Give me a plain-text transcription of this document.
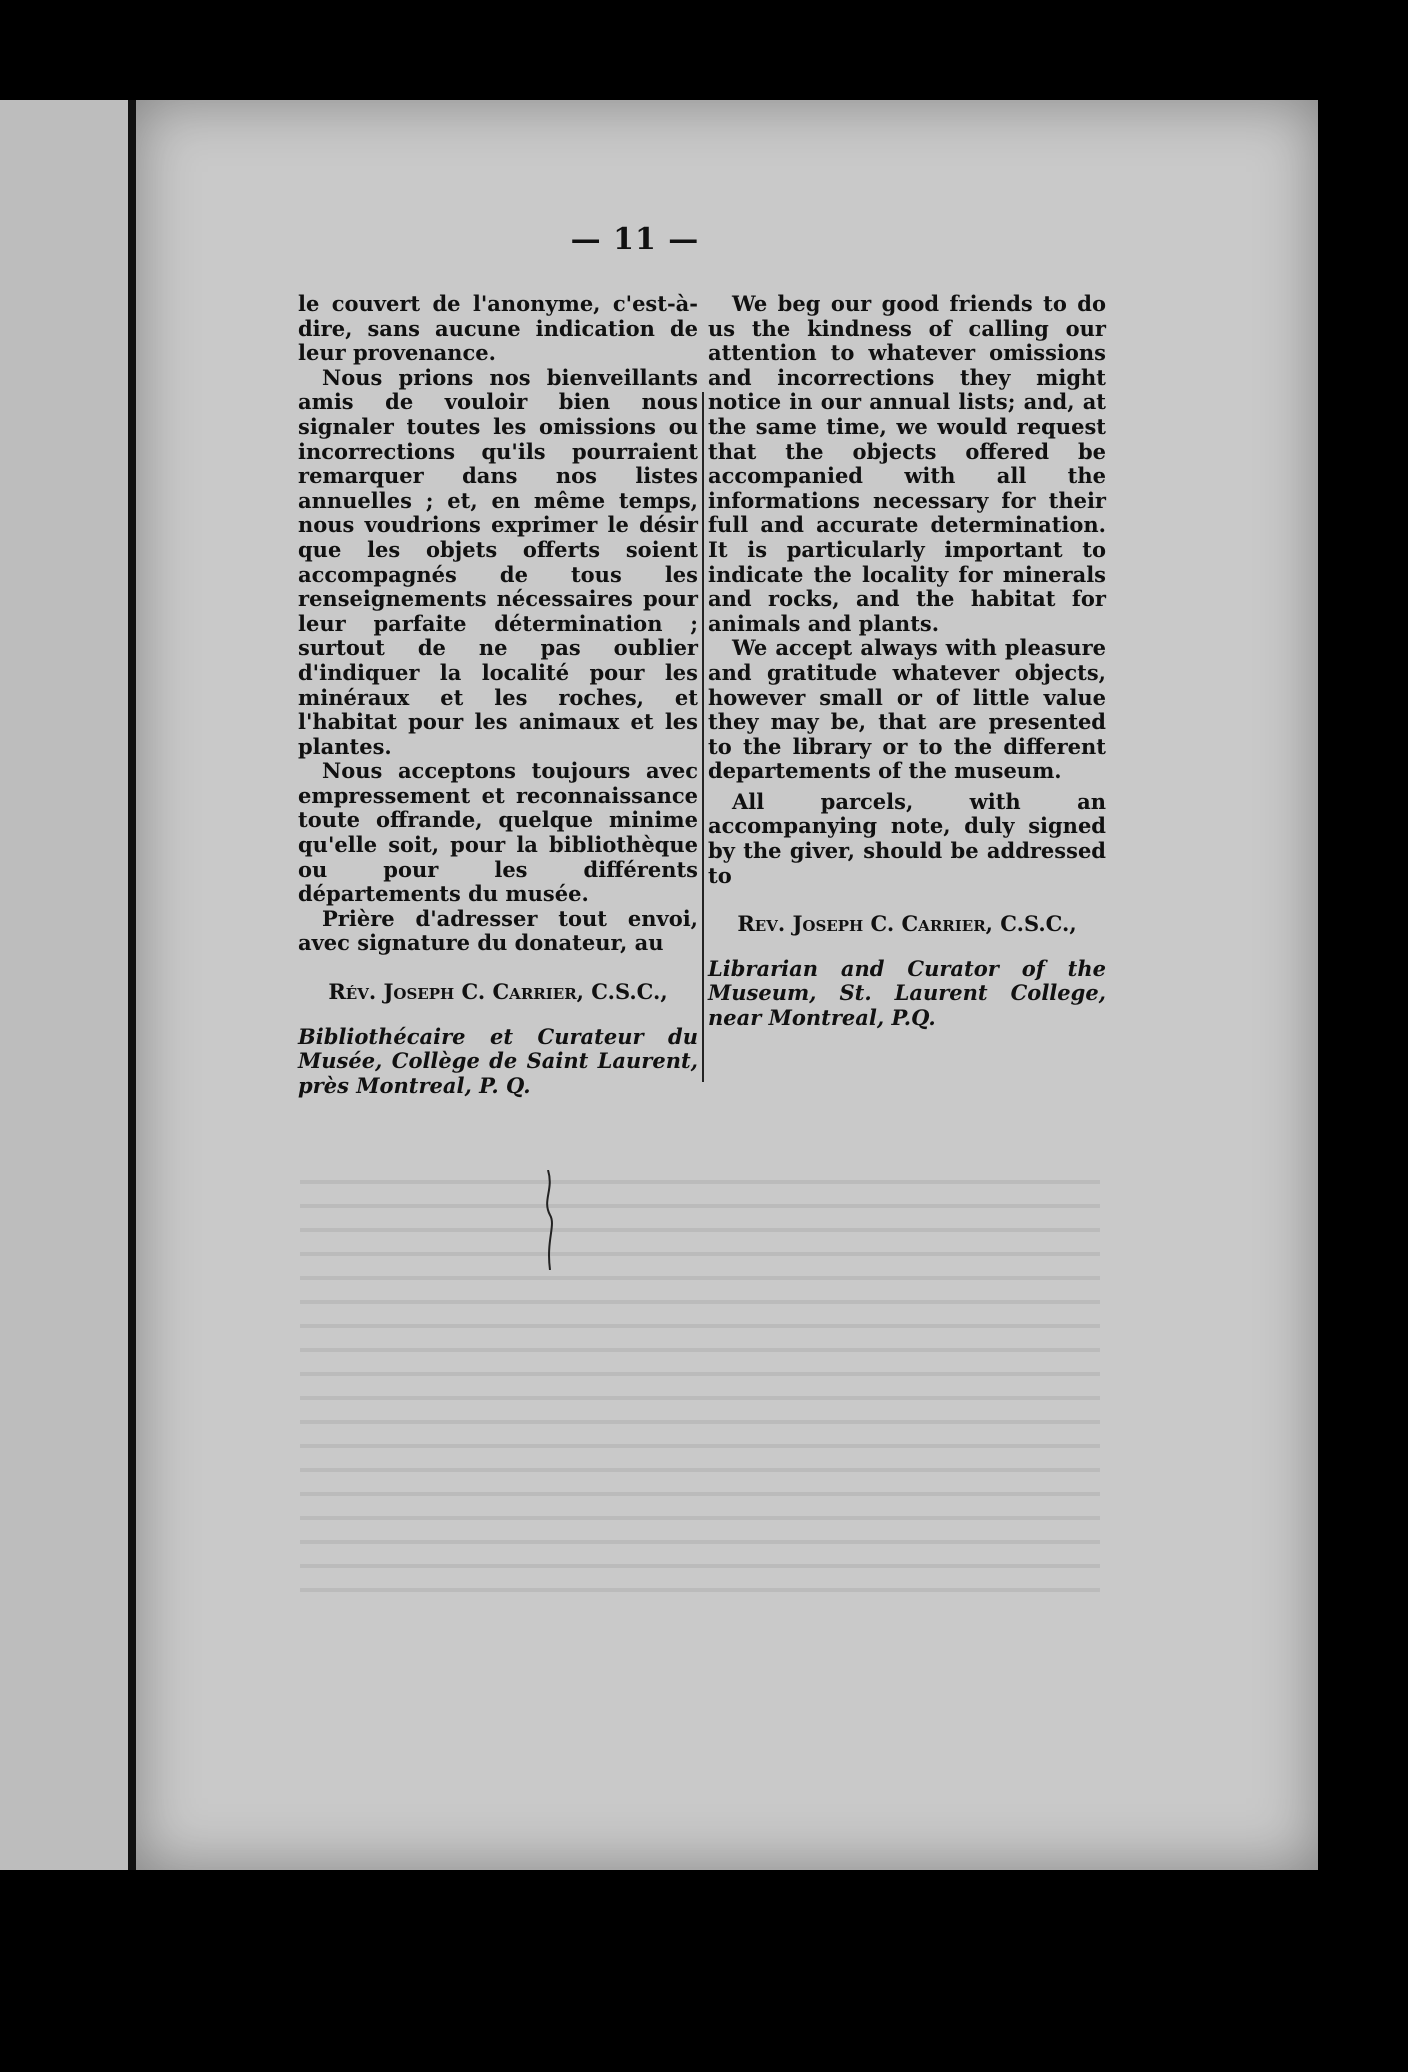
— 11 —

le couvert de l'anonyme, c'est-à-dire, sans aucune indication de leur provenance.

Nous prions nos bienveillants amis de vouloir bien nous signaler toutes les omissions ou incorrections qu'ils pourraient remarquer dans nos listes annuelles ; et, en même temps, nous voudrions exprimer le désir que les objets offerts soient accompagnés de tous les renseignements nécessaires pour leur parfaite détermination ; surtout de ne pas oublier d'indiquer la localité pour les minéraux et les roches, et l'habitat pour les animaux et les plantes.

Nous acceptons toujours avec empressement et reconnaissance toute offrande, quelque minime qu'elle soit, pour la bibliothèque ou pour les différents départements du musée.

Prière d'adresser tout envoi, avec signature du donateur, au

Rév. Joseph C. Carrier, C.S.C.,
Bibliothécaire et Curateur du Musée, Collège de Saint Laurent, près Montreal, P. Q.

We beg our good friends to do us the kindness of calling our attention to whatever omissions and incorrections they might notice in our annual lists; and, at the same time, we would request that the objects offered be accompanied with all the informations necessary for their full and accurate determination. It is particularly important to indicate the locality for minerals and rocks, and the habitat for animals and plants.

We accept always with pleasure and gratitude whatever objects, however small or of little value they may be, that are presented to the library or to the different departements of the museum.

All parcels, with an accompanying note, duly signed by the giver, should be addressed to

Rev. Joseph C. Carrier, C.S.C.,
Librarian and Curator of the Museum, St. Laurent College, near Montreal, P.Q.
